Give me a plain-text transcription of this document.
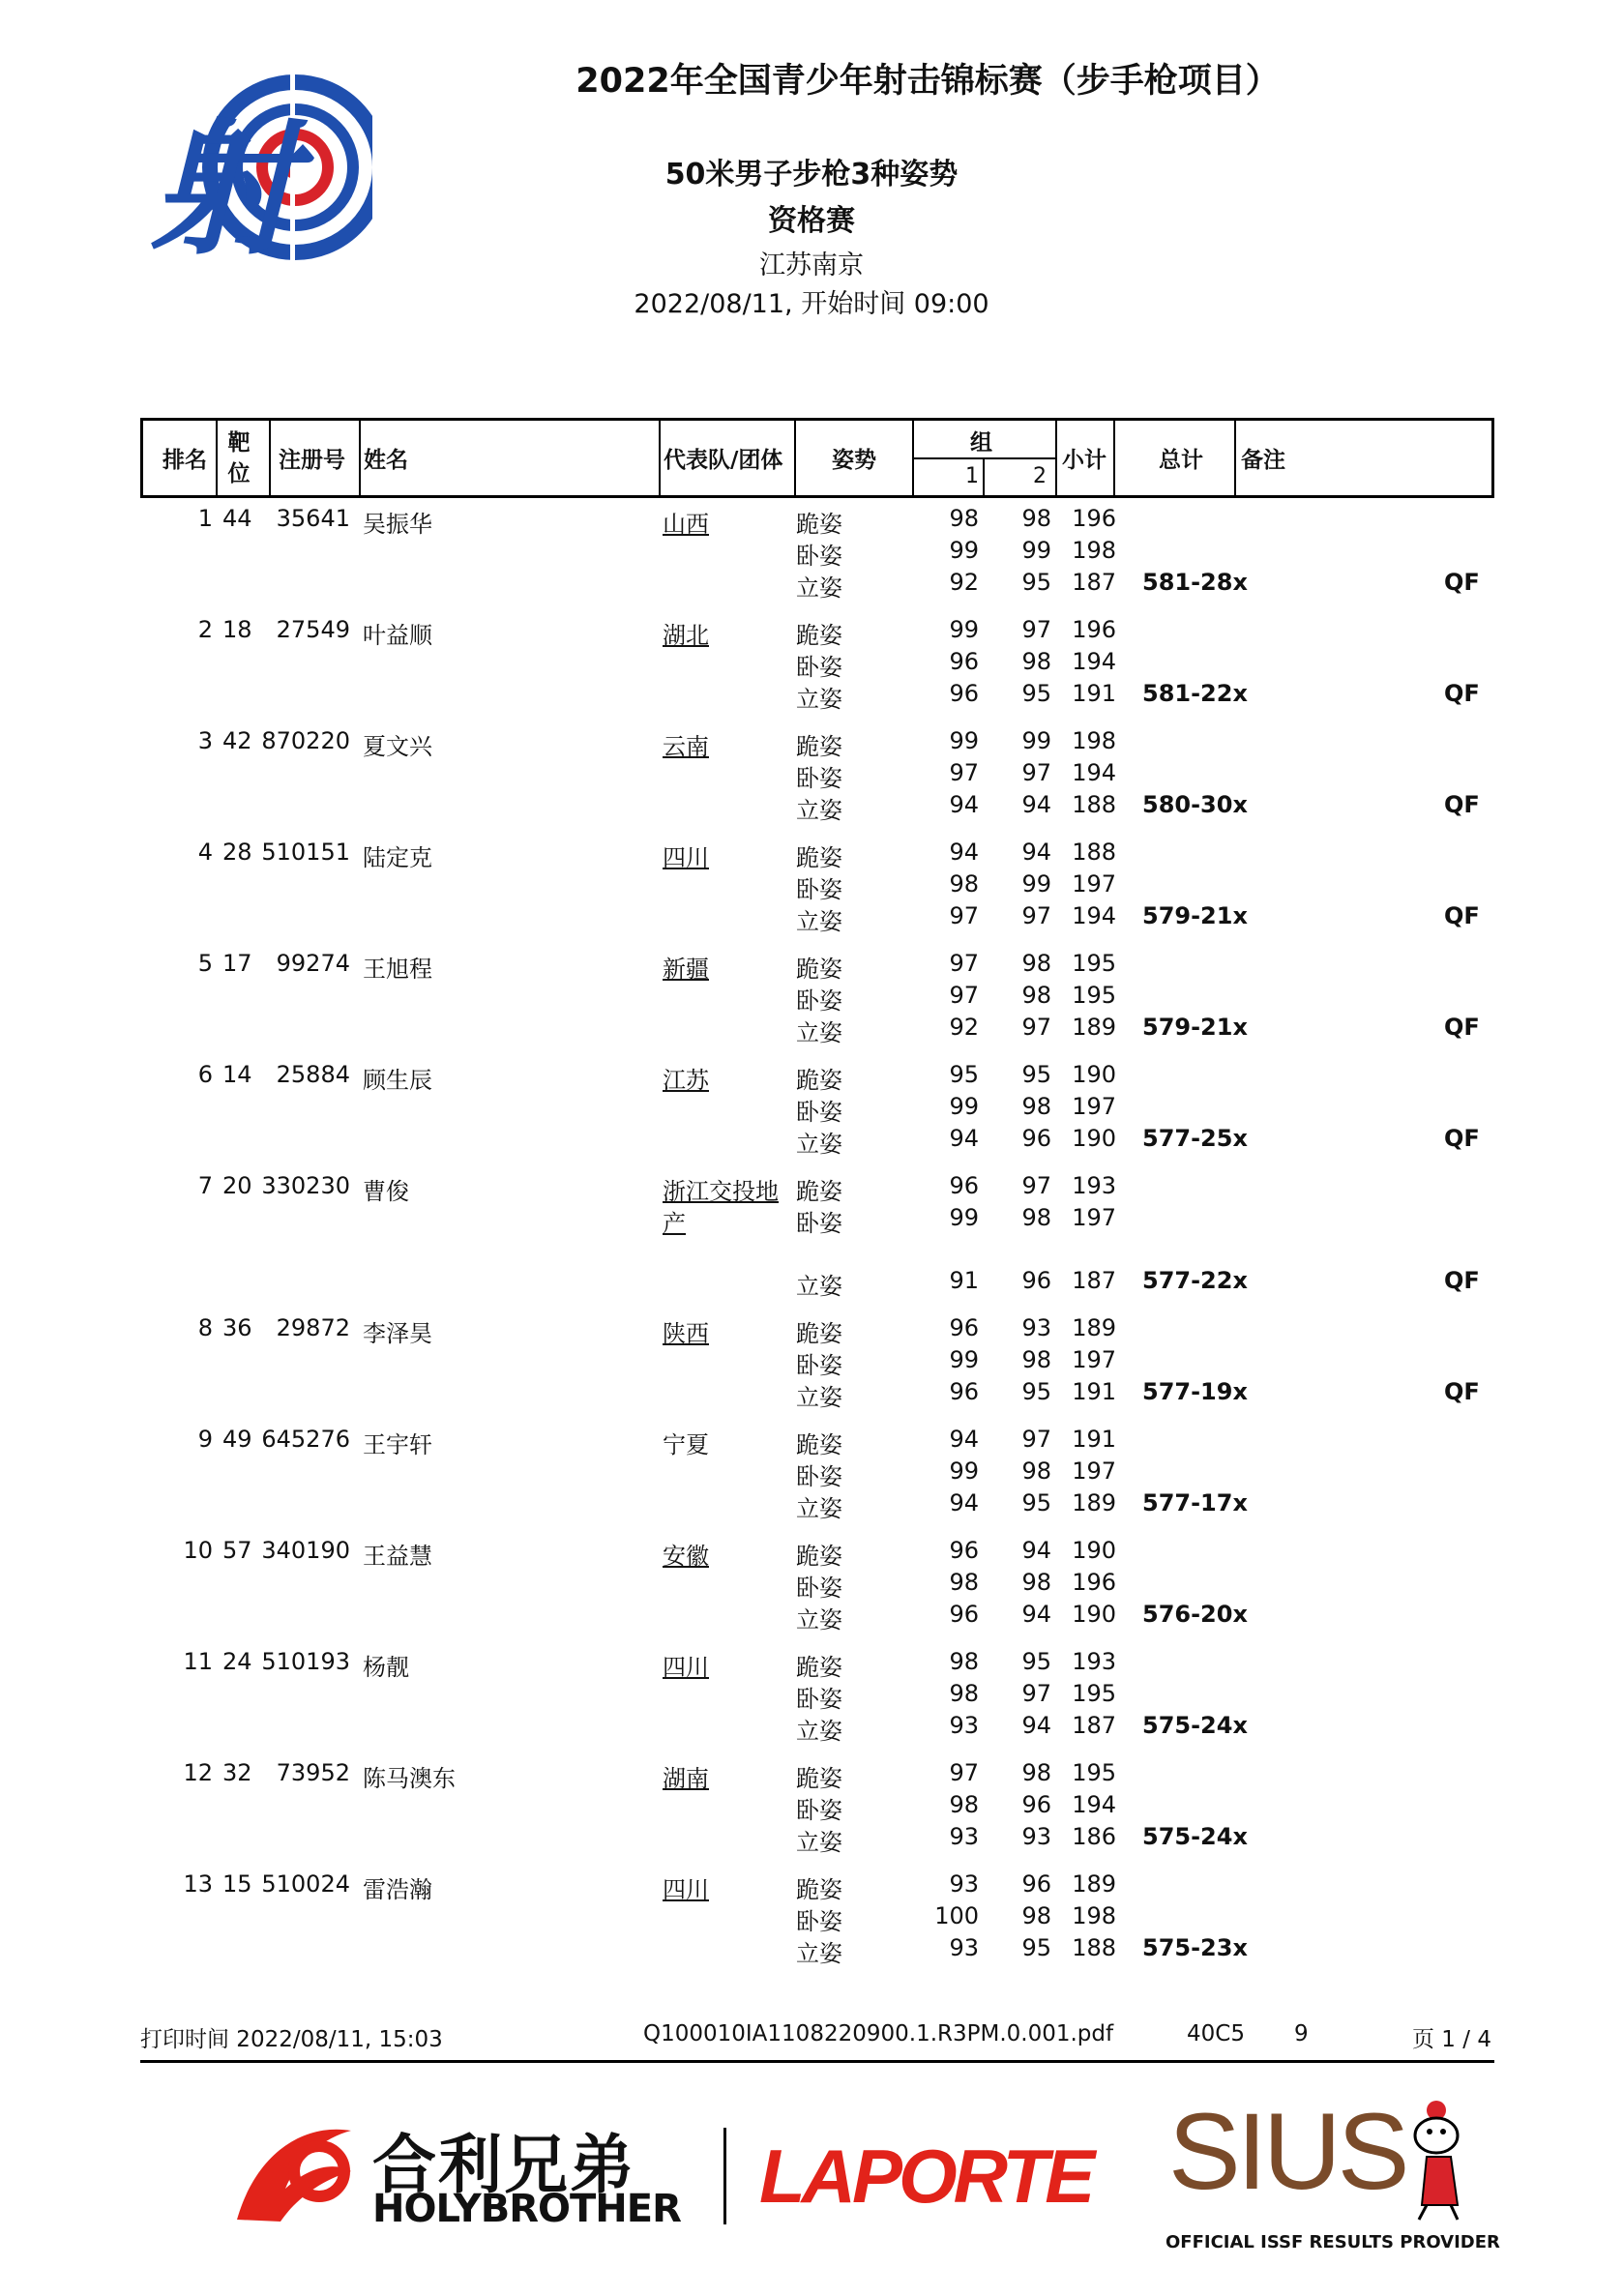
射
2022年全国青少年射击锦标赛（步手枪项目）
50米男子步枪3种姿势
资格赛
江苏南京
2022/08/11, 开始时间 09:00
排名
靶位
注册号 姓名	代表队/团体 姿势
组
1	2
小计 总计 备注
1 44	35641 吴振华	山西	跪姿	98	98 196
卧姿	99	99 198
立姿	92	95 187 581-28x	QF
2 18	27549 叶益顺	湖北	跪姿	99	97 196
卧姿	96	98 194
立姿	96	95 191 581-22x	QF
3 42 870220 夏文兴	云南	跪姿	99	99 198
卧姿	97	97 194
立姿	94	94 188 580-30x	QF
4 28 510151 陆定克	四川	跪姿	94	94 188
卧姿	98	99 197
立姿	97	97 194 579-21x	QF
5 17	99274 王旭程	新疆	跪姿	97	98 195
卧姿	97	98 195
立姿	92	97 189 579-21x	QF
6 14	25884 顾生辰	江苏	跪姿	95	95 190
卧姿	99	98 197
立姿	94	96 190 577-25x	QF
7 20 330230 曹俊	浙江交投地
产
跪姿	96	97 193
卧姿	99	98 197
立姿	91	96 187 577-22x	QF
8 36	29872 李泽昊	陕西	跪姿	96	93 189
卧姿	99	98 197
立姿	96	95 191 577-19x	QF
9 49 645276 王宇轩	宁夏	跪姿	94	97 191
卧姿	99	98 197
立姿	94	95 189 577-17x
10 57 340190 王益慧	安徽	跪姿	96	94 190
卧姿	98	98 196
立姿	96	94 190 576-20x
11 24 510193 杨靓	四川	跪姿	98	95 193
卧姿	98	97 195
立姿	93	94 187 575-24x
12 32	73952 陈马澳东	湖南	跪姿	97	98 195
卧姿	98	96 194
立姿	93	93 186 575-24x
13 15 510024 雷浩瀚	四川	跪姿	93	96 189
卧姿	100	98 198
立姿	93	95 188 575-23x
打印时间 2022/08/11, 15:03	Q100010IA1108220900.1.R3PM.0.001.pdf	40C5 9	页 1 / 4
合利兄弟
HOLYBROTHER LAPORTE SIUS
OFFICIAL ISSF RESULTS PROVIDER
